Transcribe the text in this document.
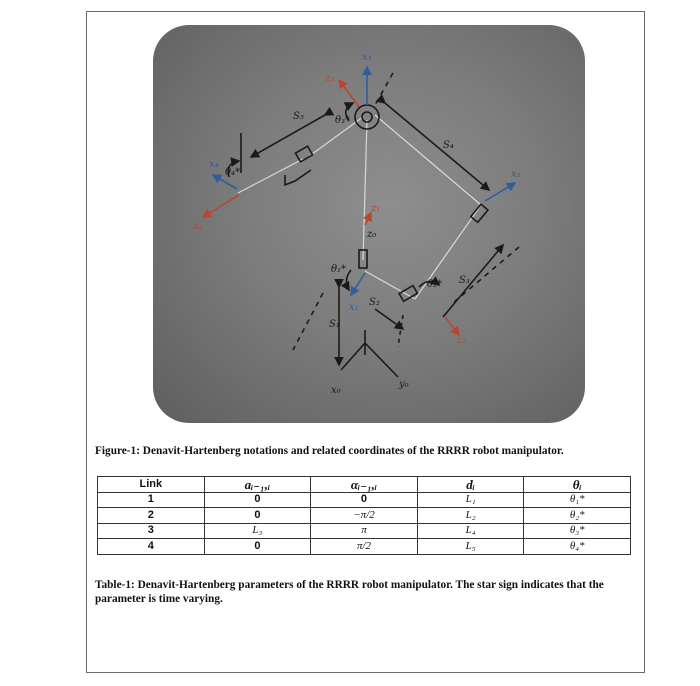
x₃
z₃
θ₃*
S₅
S₄
x₄
θ₄*
z₄
x₂
z₁
z₀
θ₁*
θ₂* S₃
S₂
x₁
S₁
z₂
x₀
y₀
Figure-1: Denavit-Hartenberg notations and related coordinates of the RRRR robot manipulator.
Link	aᵢ₋₁,ᵢ	αᵢ₋₁,ᵢ	dᵢ	θᵢ
1	0	0	L₁	θ₁*
2	0	−π/2	L₂	θ₂*
3	L₃	π	L₄	θ₃*
4	0	π/2	L₅	θ₄*
Table-1: Denavit-Hartenberg parameters of the RRRR robot manipulator. The star sign indicates that the parameter is time varying.
